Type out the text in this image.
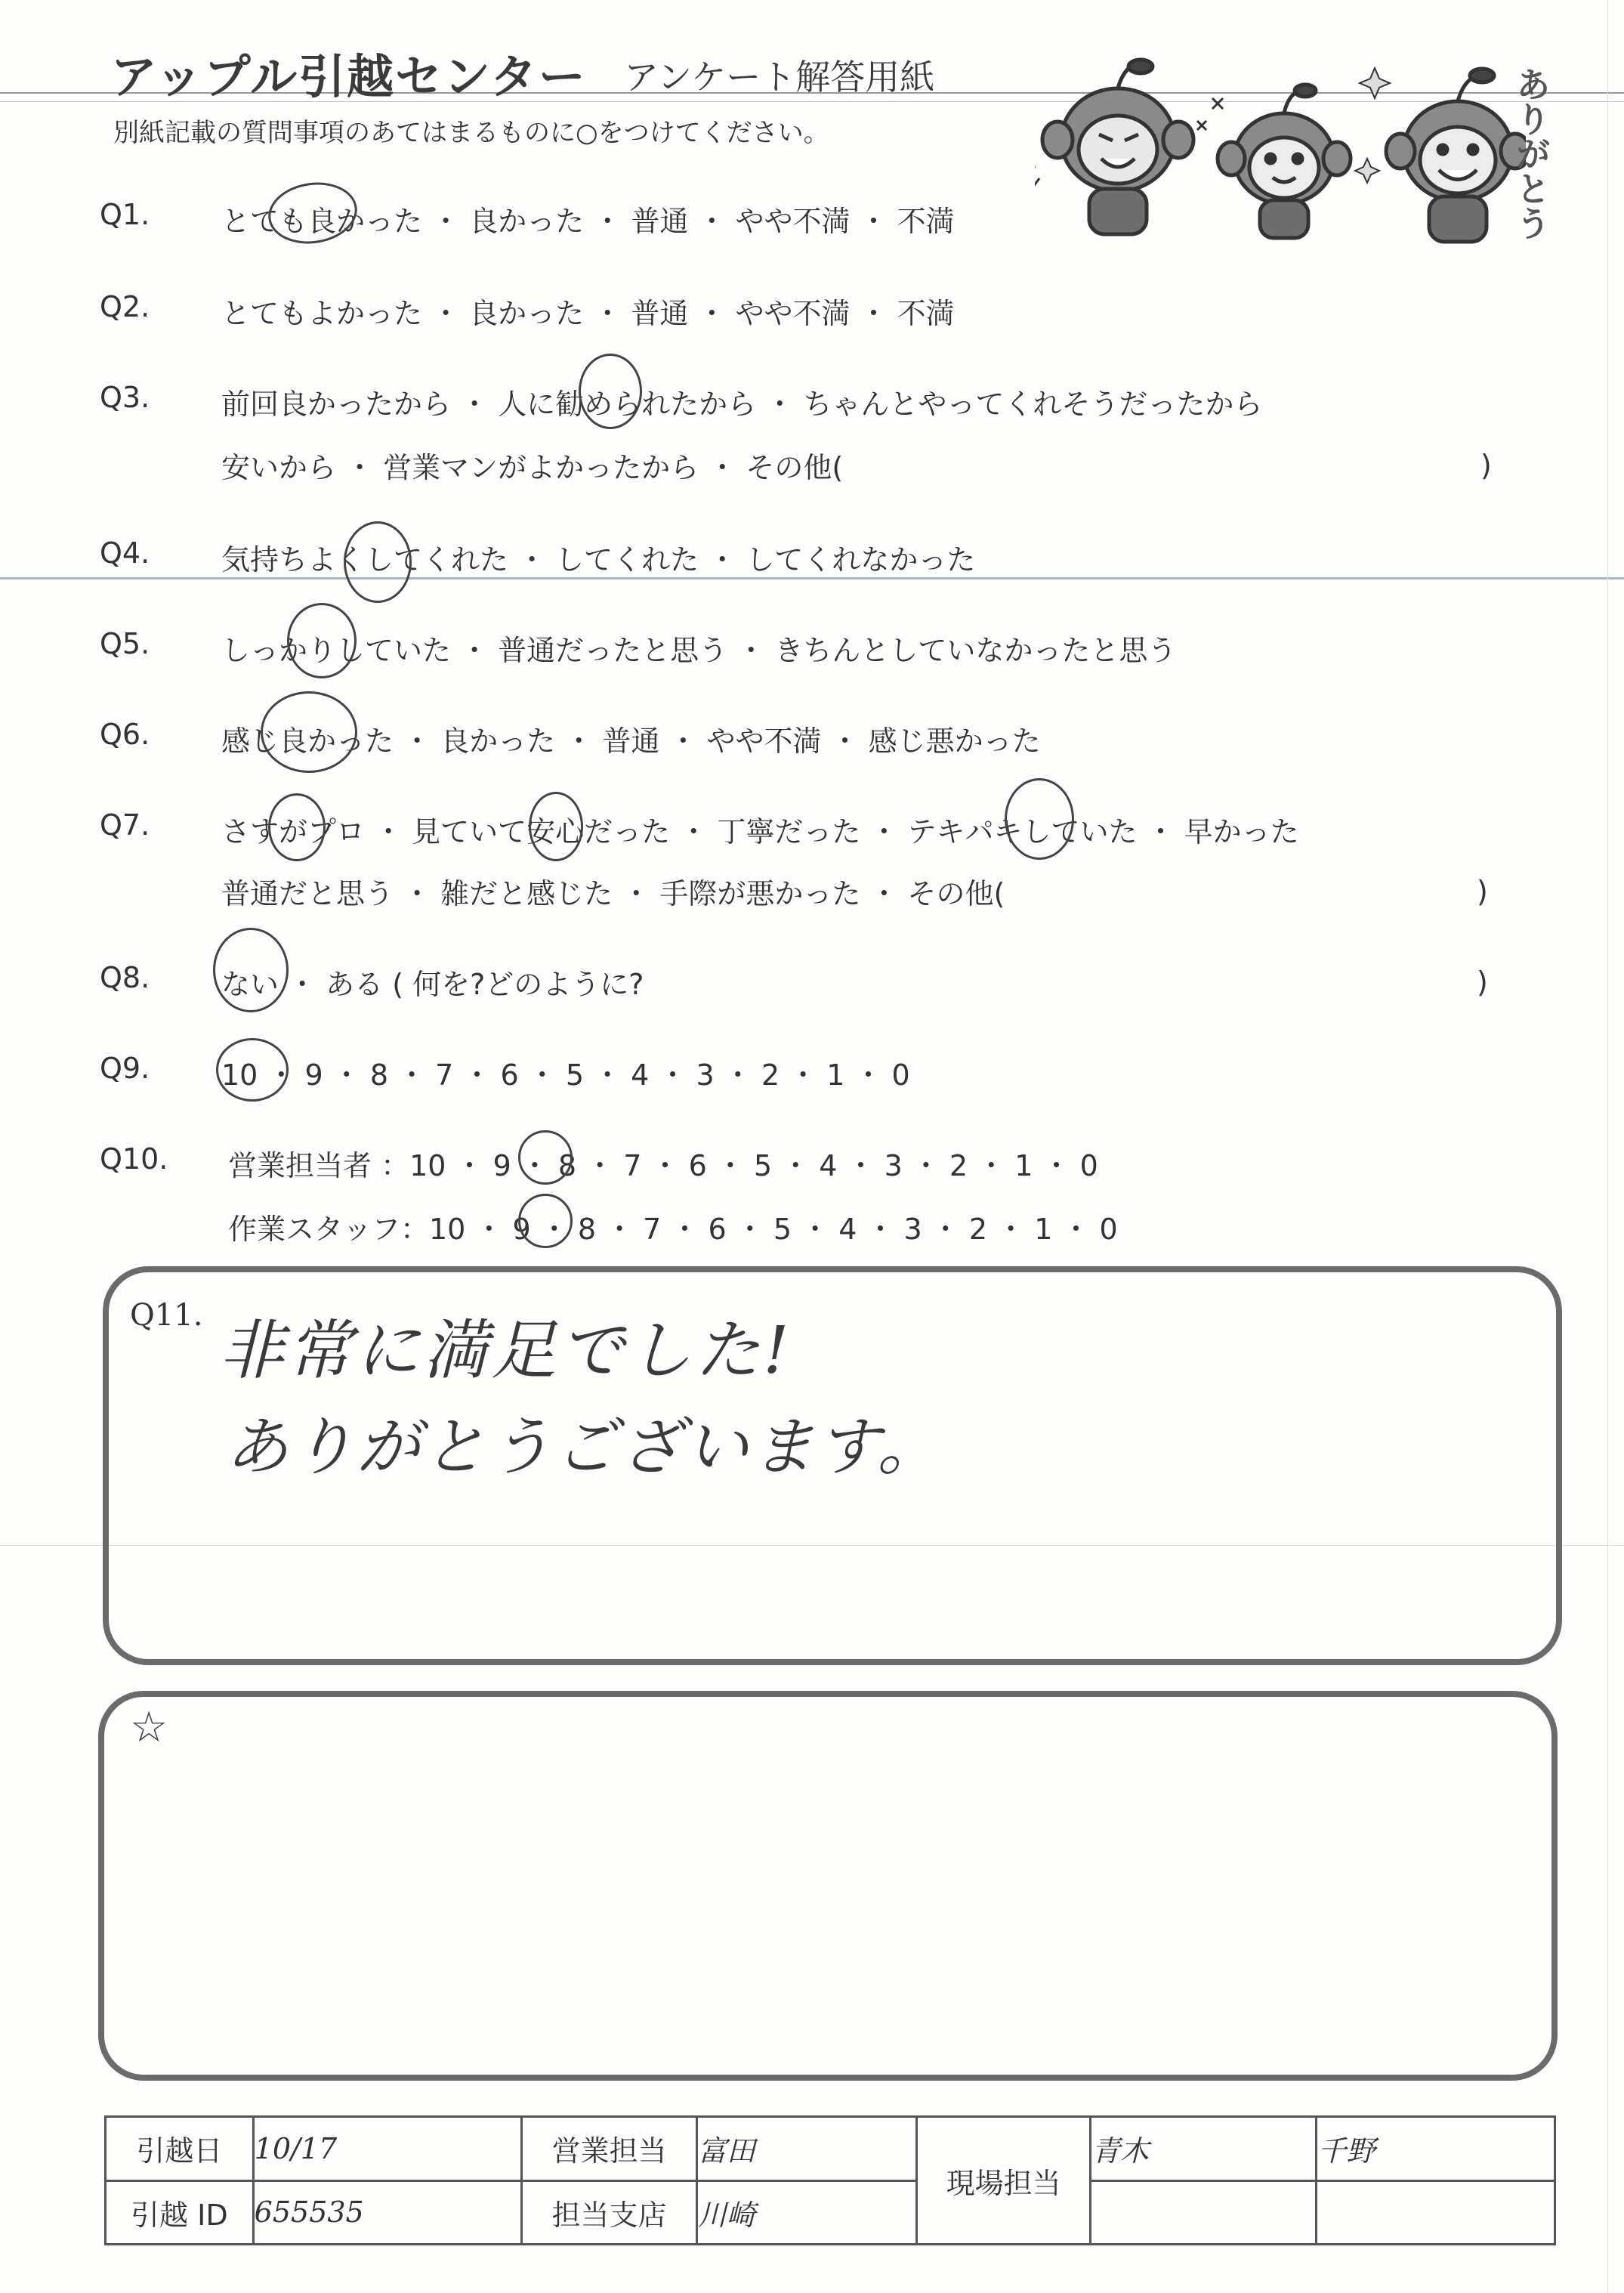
アップル引越センター アンケート解答用紙
別紙記載の質問事項のあてはまるものに○をつけてください。	ありがとう
Q1. とても良かった ・ 良かった ・ 普通 ・ やや不満 ・ 不満
Q2. とてもよかった ・ 良かった ・ 普通 ・ やや不満 ・ 不満
Q3. 前回良かったから ・ 人に勧められたから ・ ちゃんとやってくれそうだったから
安いから ・ 営業マンがよかったから ・ その他(	)
Q4. 気持ちよくしてくれた ・ してくれた ・ してくれなかった
Q5. しっかりしていた ・ 普通だったと思う ・ きちんとしていなかったと思う
Q6. 感じ良かった ・ 良かった ・ 普通 ・ やや不満 ・ 感じ悪かった
Q7. さすがプロ ・ 見ていて安心だった ・ 丁寧だった ・ テキパキしていた ・ 早かった
普通だと思う ・ 雑だと感じた ・ 手際が悪かった ・ その他(	)
Q8. ない ・ ある ( 何を?どのように?	)
Q9. 10 ・ 9 ・ 8 ・ 7 ・ 6 ・ 5 ・ 4 ・ 3 ・ 2 ・ 1 ・ 0
Q10. 営業担当者 ：10 ・ 9 ・ 8 ・ 7 ・ 6 ・ 5 ・ 4 ・ 3 ・ 2 ・ 1 ・ 0
作業スタッフ：10 ・ 9 ・ 8 ・ 7 ・ 6 ・ 5 ・ 4 ・ 3 ・ 2 ・ 1 ・ 0
Q11. 非常に満足でした!
ありがとうございます。
☆
引越日	10/17	営業担当	富田	現場担当	青木	千野
引越 ID	655535	担当支店	川崎			
